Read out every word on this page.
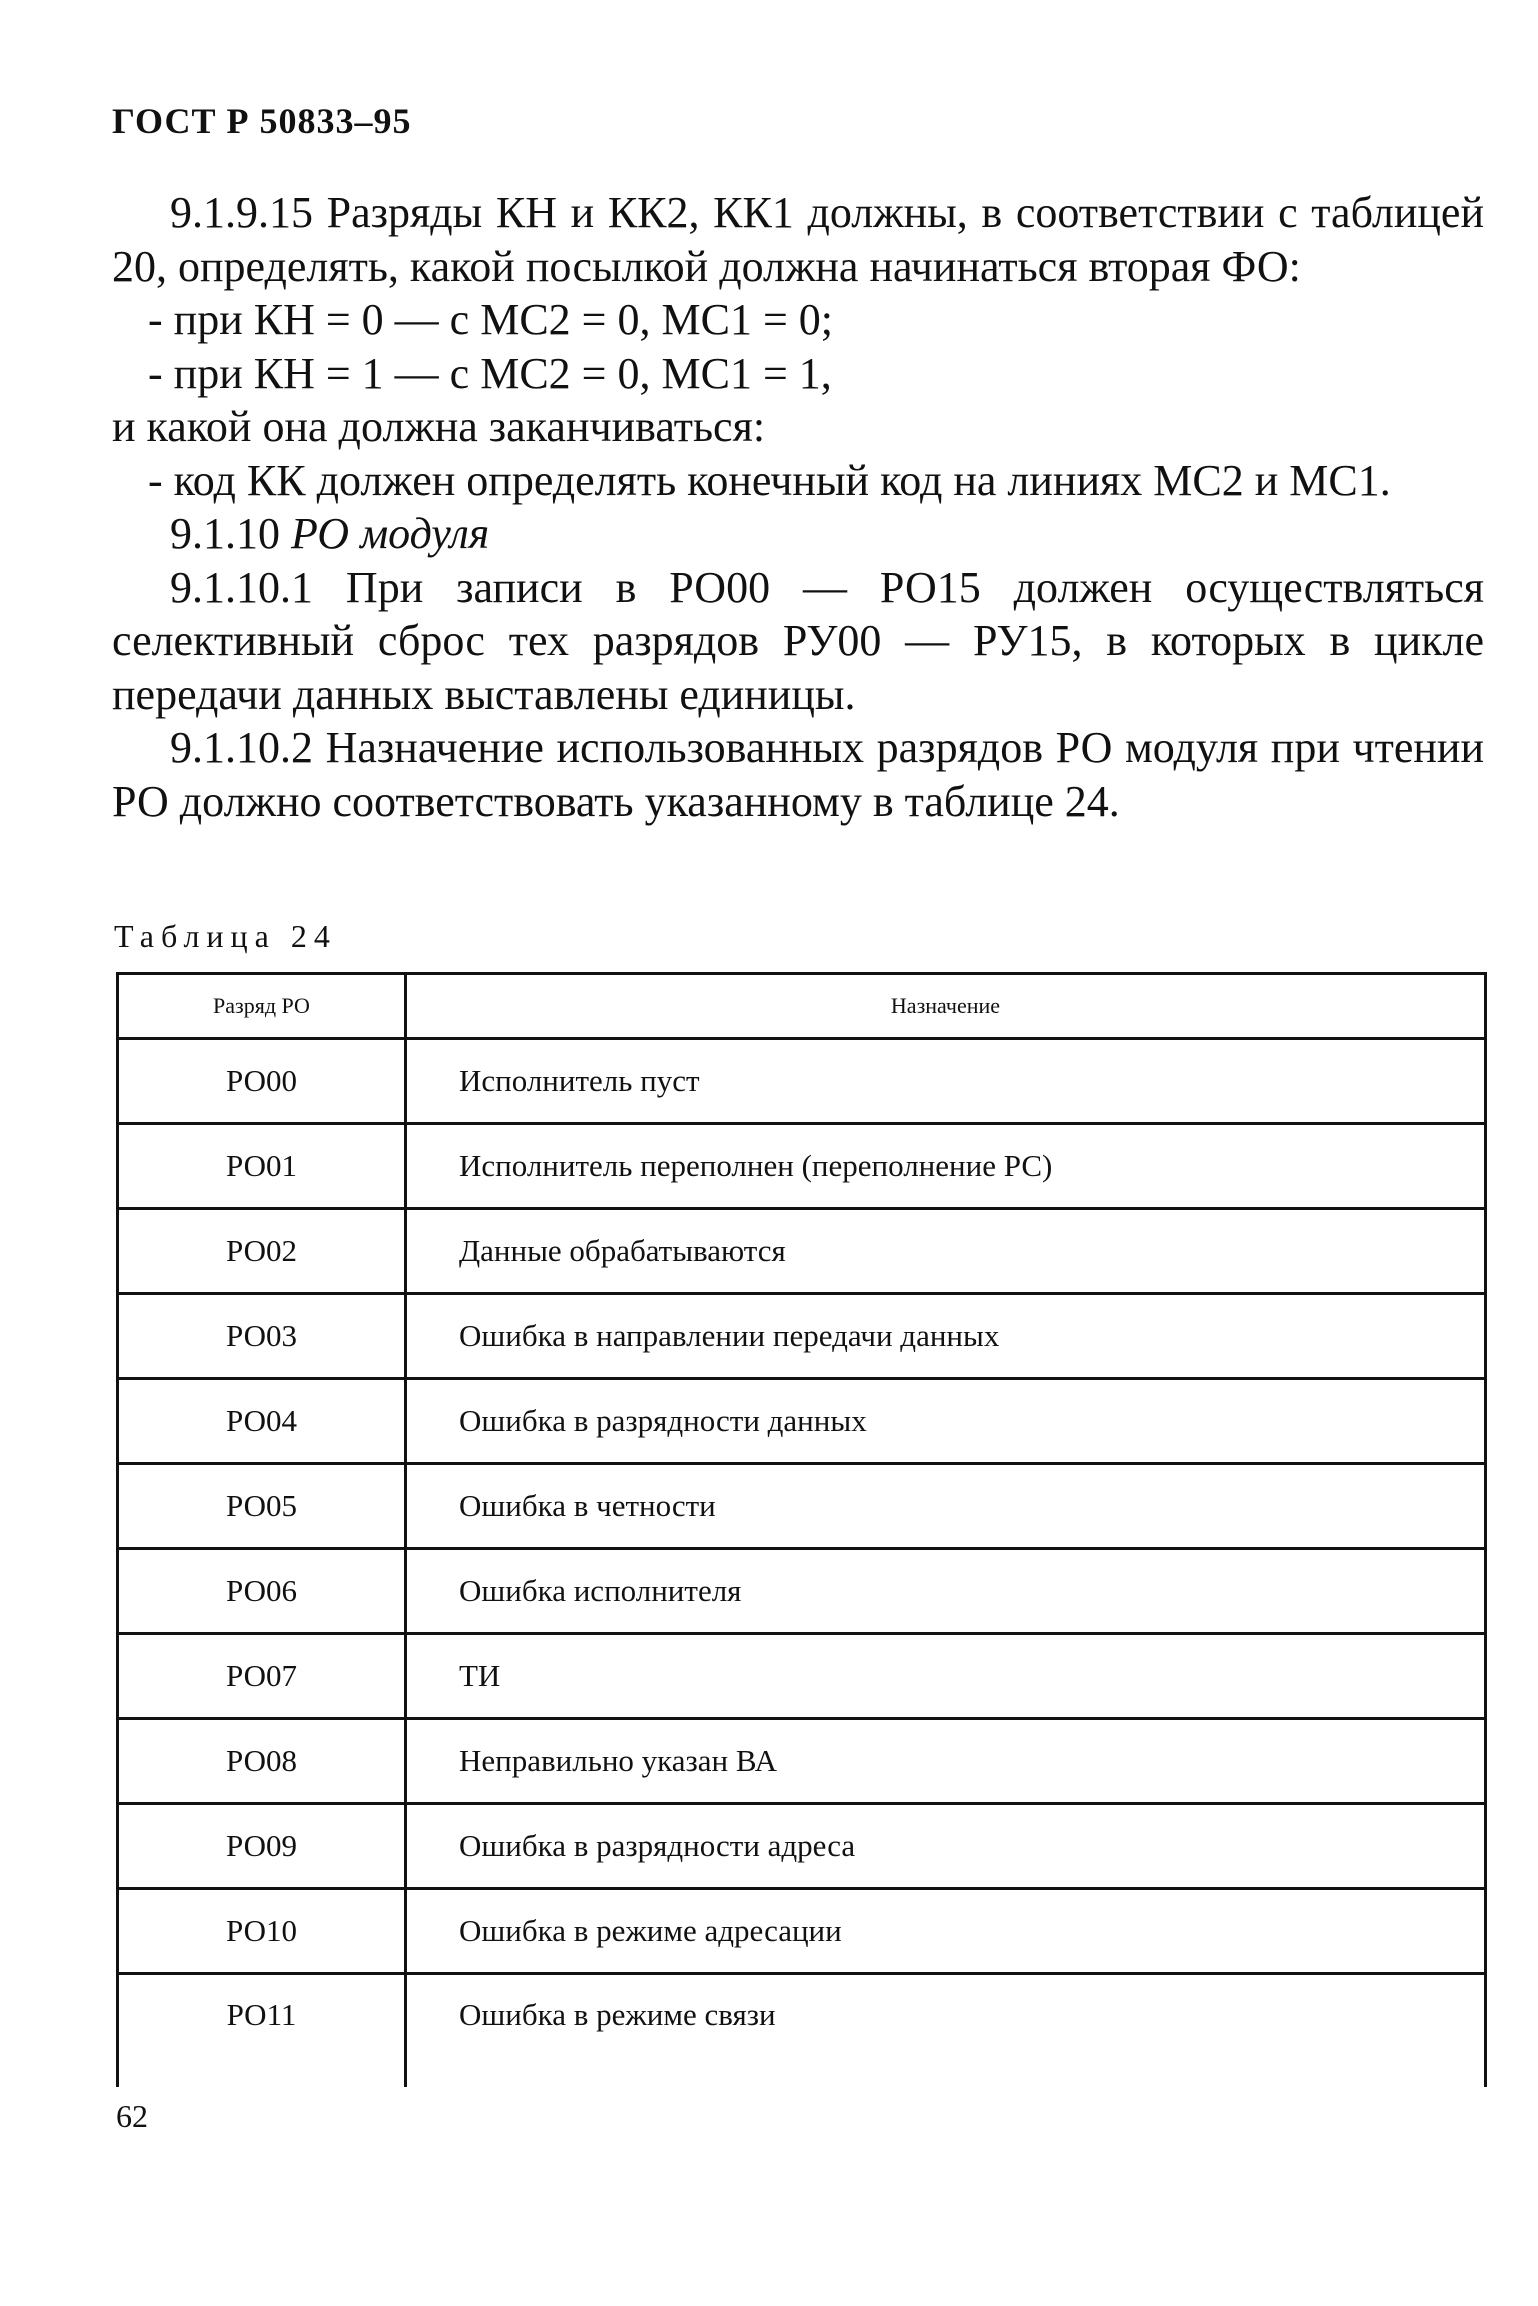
ГОСТ Р 50833–95

9.1.9.15 Разряды КН и КК2, КК1 должны, в соответствии с таблицей 20, определять, какой посылкой должна начинаться вторая ФО:

- при КН = 0 — с МС2 = 0, МС1 = 0;

- при КН = 1 — с МС2 = 0, МС1 = 1,

и какой она должна заканчиваться:

- код КК должен определять конечный код на линиях МС2 и МС1.

9.1.10 РО модуля

9.1.10.1 При записи в РО00 — РО15 должен осуществляться селективный сброс тех разрядов РУ00 — РУ15, в которых в цикле передачи данных выставлены единицы.

9.1.10.2 Назначение использованных разрядов РО модуля при чтении РО должно соответствовать указанному в таблице 24.

Таблица 24
Разряд РО	Назначение
РО00	Исполнитель пуст
РО01	Исполнитель переполнен (переполнение РС)
РО02	Данные обрабатываются
РО03	Ошибка в направлении передачи данных
РО04	Ошибка в разрядности данных
РО05	Ошибка в четности
РО06	Ошибка исполнителя
РО07	ТИ
РО08	Неправильно указан ВА
РО09	Ошибка в разрядности адреса
РО10	Ошибка в режиме адресации
РО11	Ошибка в режиме связи
62
